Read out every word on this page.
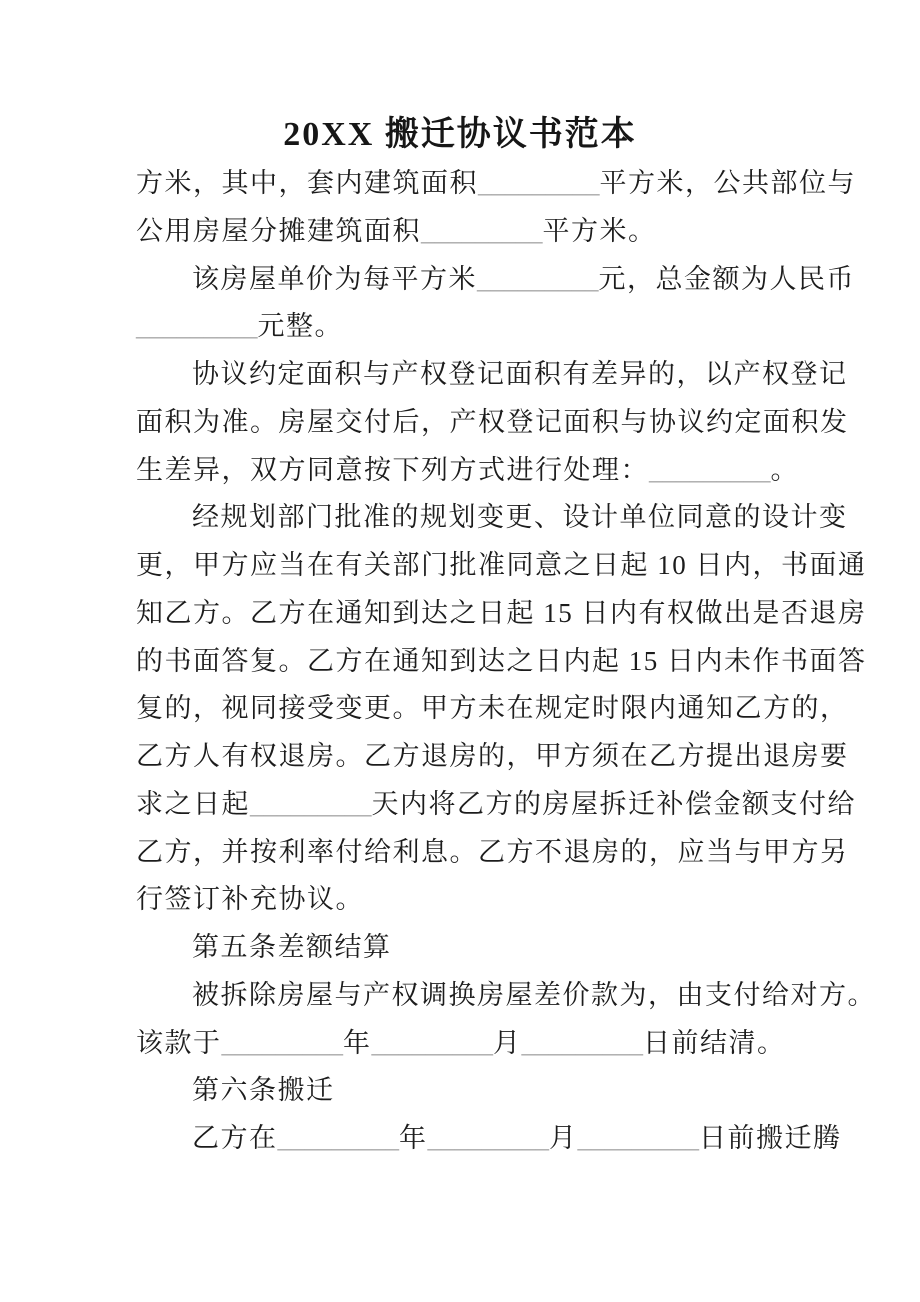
20XX 搬迁协议书范本
方米，其中，套内建筑面积_________平方米，公共部位与
公用房屋分摊建筑面积_________平方米。
该房屋单价为每平方米_________元，总金额为人民币
_________元整。
协议约定面积与产权登记面积有差异的，以产权登记
面积为准。房屋交付后，产权登记面积与协议约定面积发
生差异，双方同意按下列方式进行处理：_________。
经规划部门批准的规划变更、设计单位同意的设计变
更，甲方应当在有关部门批准同意之日起 10 日内，书面通
知乙方。乙方在通知到达之日起 15 日内有权做出是否退房
的书面答复。乙方在通知到达之日内起 15 日内未作书面答
复的，视同接受变更。甲方未在规定时限内通知乙方的，
乙方人有权退房。乙方退房的，甲方须在乙方提出退房要
求之日起_________天内将乙方的房屋拆迁补偿金额支付给
乙方，并按利率付给利息。乙方不退房的，应当与甲方另
行签订补充协议。
第五条差额结算
被拆除房屋与产权调换房屋差价款为，由支付给对方。
该款于_________年_________月_________日前结清。
第六条搬迁
乙方在_________年_________月_________日前搬迁腾
